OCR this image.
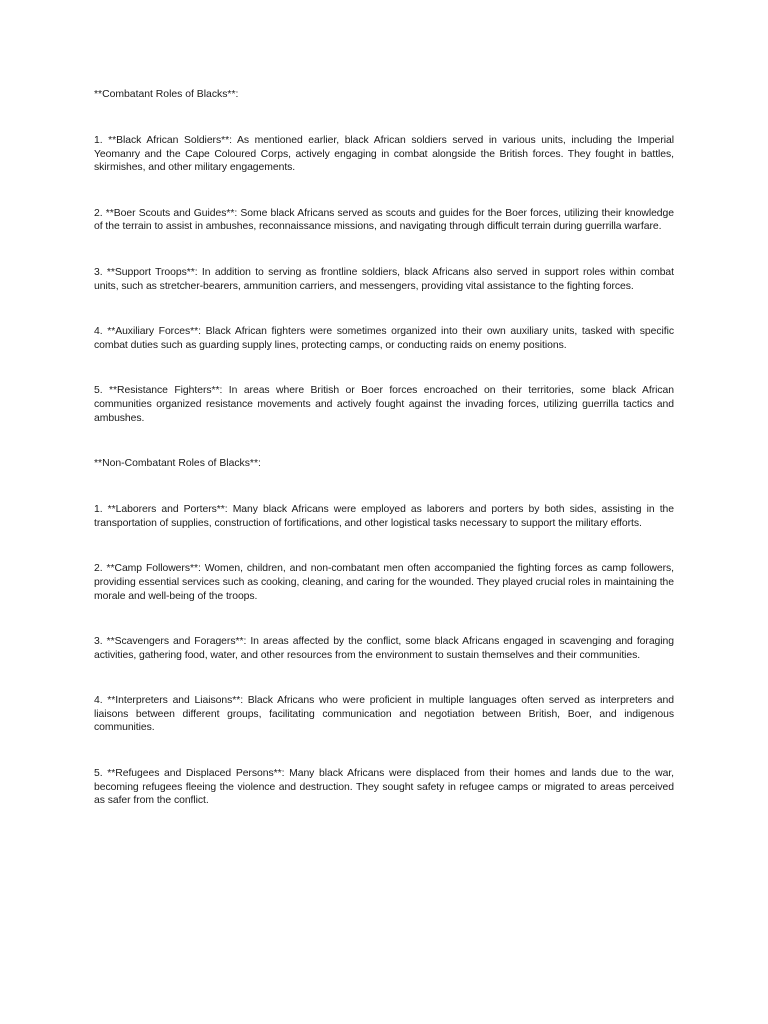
**Combatant Roles of Blacks**:

1. **Black African Soldiers**: As mentioned earlier, black African soldiers served in various units, including the Imperial Yeomanry and the Cape Coloured Corps, actively engaging in combat alongside the British forces. They fought in battles, skirmishes, and other military engagements.

2. **Boer Scouts and Guides**: Some black Africans served as scouts and guides for the Boer forces, utilizing their knowledge of the terrain to assist in ambushes, reconnaissance missions, and navigating through difficult terrain during guerrilla warfare.

3. **Support Troops**: In addition to serving as frontline soldiers, black Africans also served in support roles within combat units, such as stretcher-bearers, ammunition carriers, and messengers, providing vital assistance to the fighting forces.

4. **Auxiliary Forces**: Black African fighters were sometimes organized into their own auxiliary units, tasked with specific combat duties such as guarding supply lines, protecting camps, or conducting raids on enemy positions.

5. **Resistance Fighters**: In areas where British or Boer forces encroached on their territories, some black African communities organized resistance movements and actively fought against the invading forces, utilizing guerrilla tactics and ambushes.

**Non-Combatant Roles of Blacks**:

1. **Laborers and Porters**: Many black Africans were employed as laborers and porters by both sides, assisting in the transportation of supplies, construction of fortifications, and other logistical tasks necessary to support the military efforts.

2. **Camp Followers**: Women, children, and non-combatant men often accompanied the fighting forces as camp followers, providing essential services such as cooking, cleaning, and caring for the wounded. They played crucial roles in maintaining the morale and well-being of the troops.

3. **Scavengers and Foragers**: In areas affected by the conflict, some black Africans engaged in scavenging and foraging activities, gathering food, water, and other resources from the environment to sustain themselves and their communities.

4. **Interpreters and Liaisons**: Black Africans who were proficient in multiple languages often served as interpreters and liaisons between different groups, facilitating communication and negotiation between British, Boer, and indigenous communities.

5. **Refugees and Displaced Persons**: Many black Africans were displaced from their homes and lands due to the war, becoming refugees fleeing the violence and destruction. They sought safety in refugee camps or migrated to areas perceived as safer from the conflict.
